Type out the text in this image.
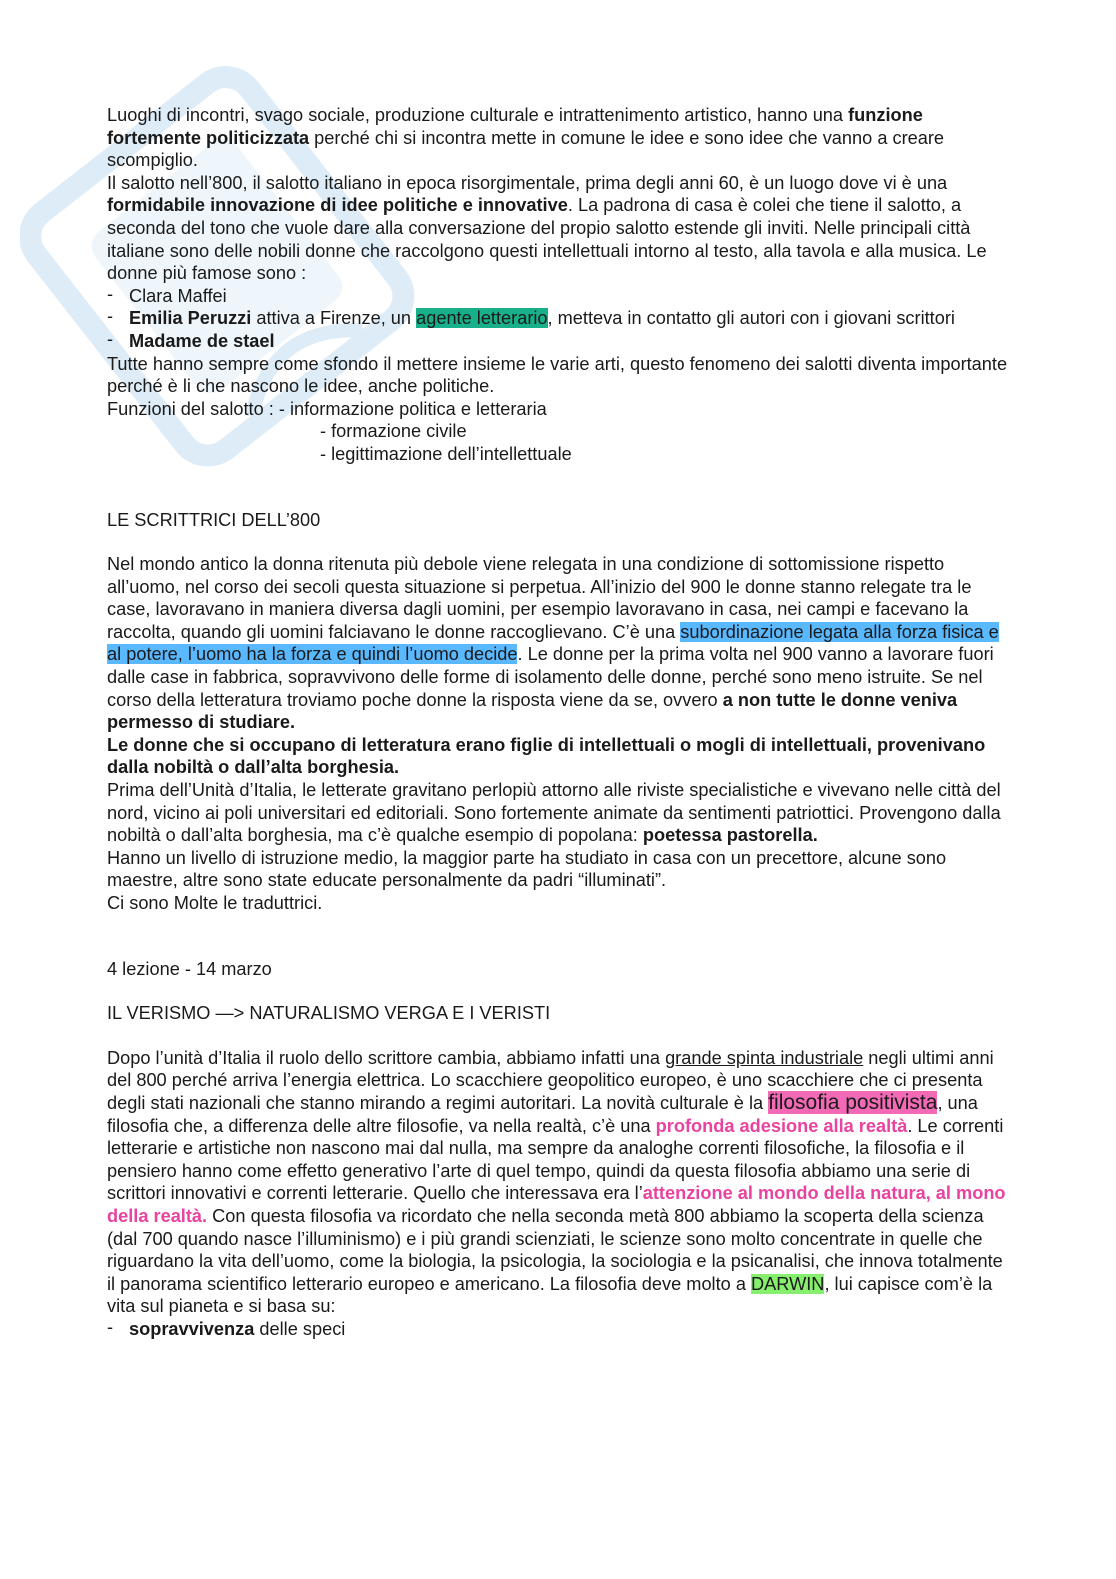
Luoghi di incontri, svago sociale, produzione culturale e intrattenimento artistico, hanno una funzione fortemente politicizzata perché chi si incontra mette in comune le idee e sono idee che vanno a creare scompiglio.

Il salotto nell’800, il salotto italiano in epoca risorgimentale, prima degli anni 60, è un luogo dove vi è una formidabile innovazione di idee politiche e innovative. La padrona di casa è colei che tiene il salotto, a seconda del tono che vuole dare alla conversazione del propio salotto estende gli inviti. Nelle principali città italiane sono delle nobili donne che raccolgono questi intellettuali intorno al testo, alla tavola e alla musica. Le donne più famose sono :

- Clara Maffei
- Emilia Peruzzi attiva a Firenze, un agente letterario, metteva in contatto gli autori con i giovani scrittori
- Madame de stael

Tutte hanno sempre come sfondo il mettere insieme le varie arti, questo fenomeno dei salotti diventa importante perché è li che nascono le idee, anche politiche.

Funzioni del salotto : - informazione politica e letteraria

- formazione civile

- legittimazione dell’intellettuale

LE SCRITTRICI DELL’800

Nel mondo antico la donna ritenuta più debole viene relegata in una condizione di sottomissione rispetto all’uomo, nel corso dei secoli questa situazione si perpetua. All’inizio del 900 le donne stanno relegate tra le case, lavoravano in maniera diversa dagli uomini, per esempio lavoravano in casa, nei campi e facevano la raccolta, quando gli uomini falciavano le donne raccoglievano. C’è una subordinazione legata alla forza fisica e al potere, l’uomo ha la forza e quindi l’uomo decide. Le donne per la prima volta nel 900 vanno a lavorare fuori dalle case in fabbrica, sopravvivono delle forme di isolamento delle donne, perché sono meno istruite. Se nel corso della letteratura troviamo poche donne la risposta viene da se, ovvero a non tutte le donne veniva permesso di studiare.

Le donne che si occupano di letteratura erano figlie di intellettuali o mogli di intellettuali, provenivano dalla nobiltà o dall’alta borghesia.

Prima dell’Unità d’Italia, le letterate gravitano perlopiù attorno alle riviste specialistiche e vivevano nelle città del nord, vicino ai poli universitari ed editoriali. Sono fortemente animate da sentimenti patriottici. Provengono dalla nobiltà o dall’alta borghesia, ma c’è qualche esempio di popolana: poetessa pastorella.

Hanno un livello di istruzione medio, la maggior parte ha studiato in casa con un precettore, alcune sono maestre, altre sono state educate personalmente da padri “illuminati”.

Ci sono Molte le traduttrici.

4 lezione - 14 marzo

IL VERISMO —> NATURALISMO VERGA E I VERISTI

Dopo l’unità d’Italia il ruolo dello scrittore cambia, abbiamo infatti una grande spinta industriale negli ultimi anni del 800 perché arriva l’energia elettrica. Lo scacchiere geopolitico europeo, è uno scacchiere che ci presenta degli stati nazionali che stanno mirando a regimi autoritari. La novità culturale è la filosofia positivista, una filosofia che, a differenza delle altre filosofie, va nella realtà, c’è una profonda adesione alla realtà. Le correnti letterarie e artistiche non nascono mai dal nulla, ma sempre da analoghe correnti filosofiche, la filosofia e il pensiero hanno come effetto generativo l’arte di quel tempo, quindi da questa filosofia abbiamo una serie di scrittori innovativi e correnti letterarie. Quello che interessava era l’attenzione al mondo della natura, al mono della realtà. Con questa filosofia va ricordato che nella seconda metà 800 abbiamo la scoperta della scienza (dal 700 quando nasce l’illuminismo) e i più grandi scienziati, le scienze sono molto concentrate in quelle che riguardano la vita dell’uomo, come la biologia, la psicologia, la sociologia e la psicanalisi, che innova totalmente il panorama scientifico letterario europeo e americano. La filosofia deve molto a DARWIN, lui capisce com’è la vita sul pianeta e si basa su:

- sopravvivenza delle speci
